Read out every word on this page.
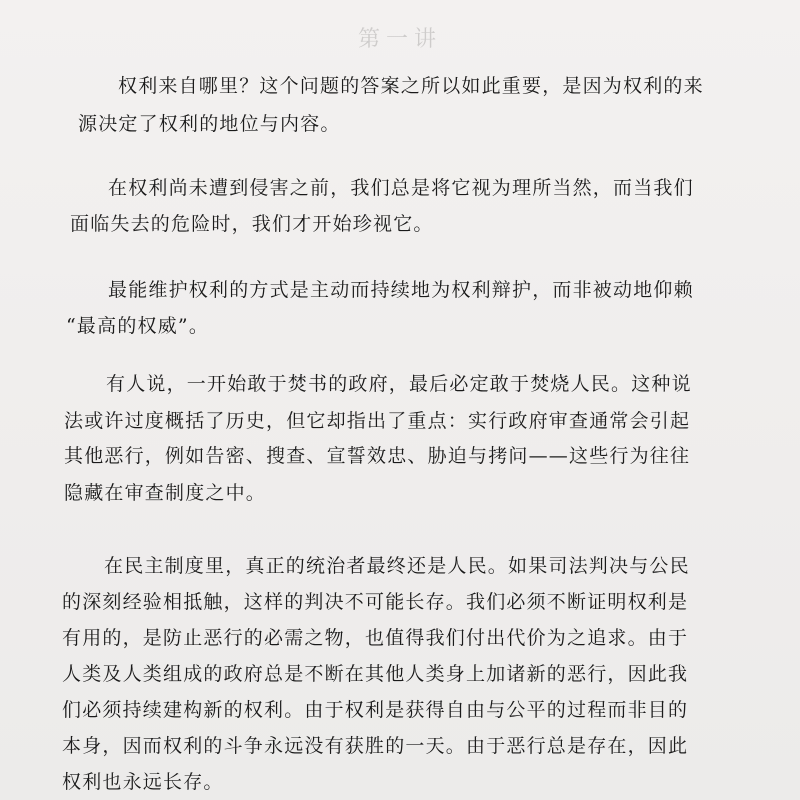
第一讲
权利来自哪里？这个问题的答案之所以如此重要，是因为权利的来
源决定了权利的地位与内容。
在权利尚未遭到侵害之前，我们总是将它视为理所当然，而当我们
面临失去的危险时，我们才开始珍视它。
最能维护权利的方式是主动而持续地为权利辩护，而非被动地仰赖
“最高的权威”。
有人说，一开始敢于焚书的政府，最后必定敢于焚烧人民。这种说
法或许过度概括了历史，但它却指出了重点：实行政府审查通常会引起
其他恶行，例如告密、搜查、宣誓效忠、胁迫与拷问——这些行为往往
隐藏在审查制度之中。
在民主制度里，真正的统治者最终还是人民。如果司法判决与公民
的深刻经验相抵触，这样的判决不可能长存。我们必须不断证明权利是
有用的，是防止恶行的必需之物，也值得我们付出代价为之追求。由于
人类及人类组成的政府总是不断在其他人类身上加诸新的恶行，因此我
们必须持续建构新的权利。由于权利是获得自由与公平的过程而非目的
本身，因而权利的斗争永远没有获胜的一天。由于恶行总是存在，因此
权利也永远长存。
